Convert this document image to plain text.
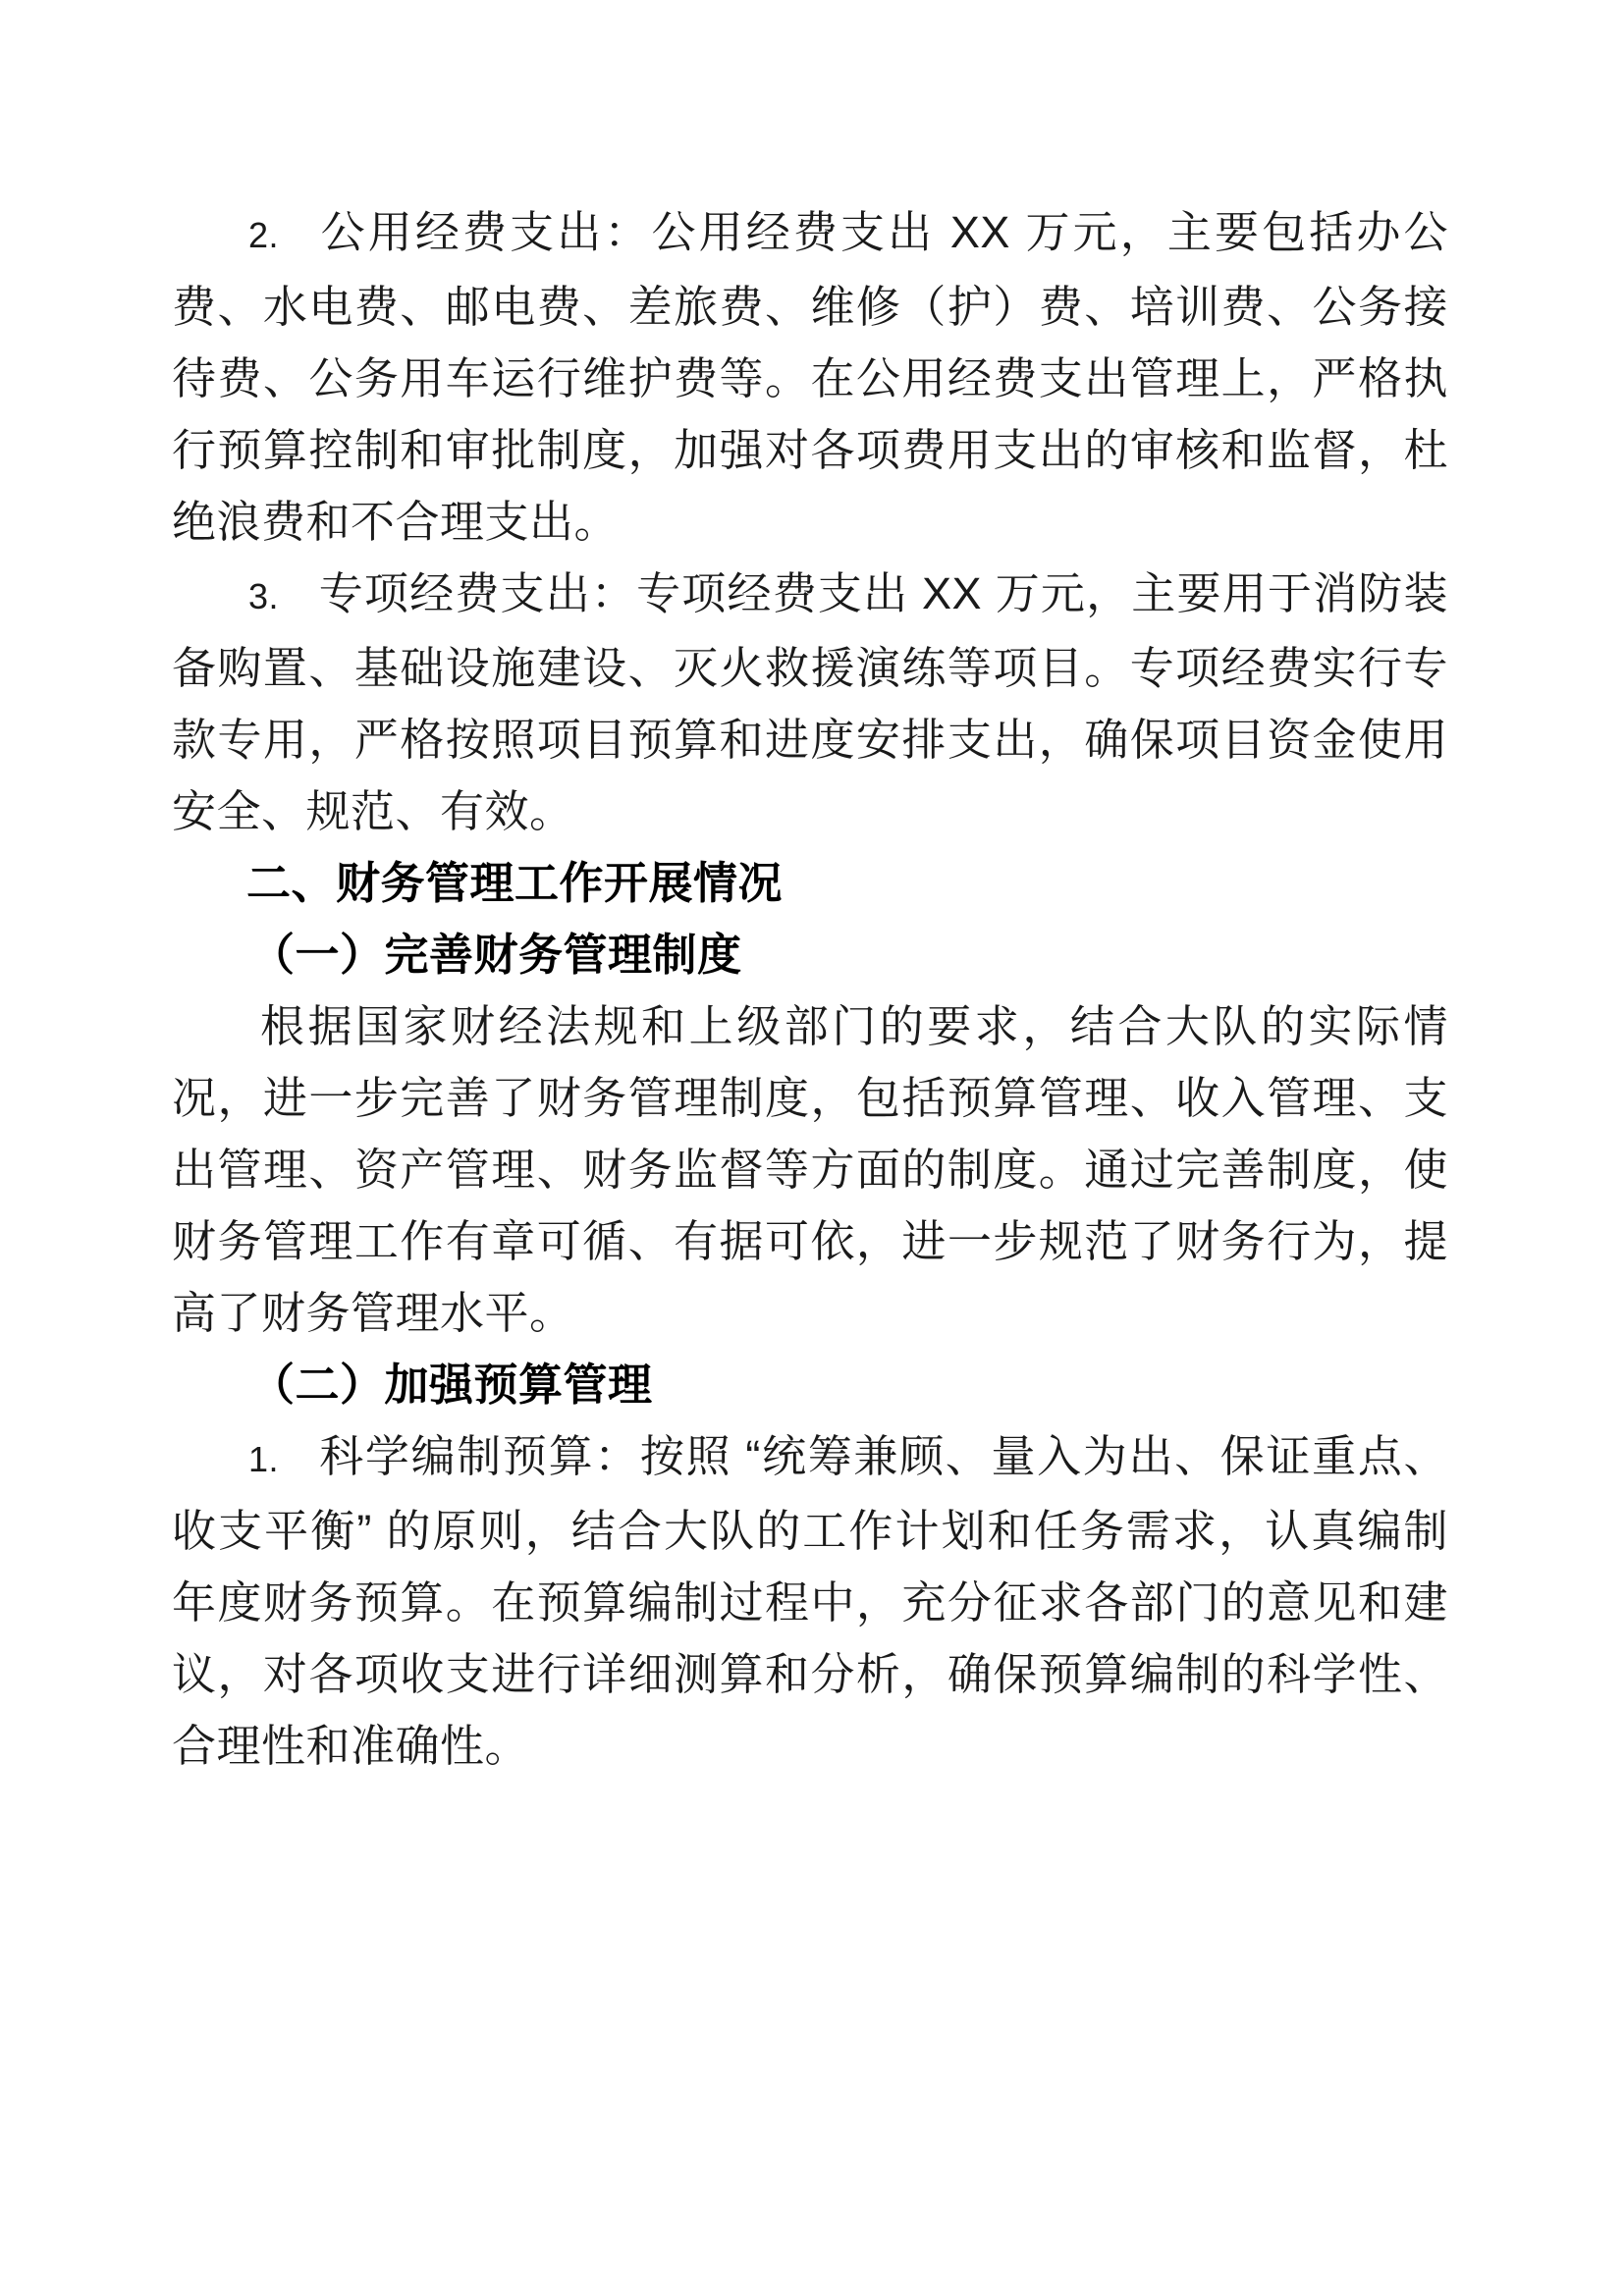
2. 公用经费支出：公用经费支出 XX 万元，主要包括办公费、水电费、邮电费、差旅费、维修（护）费、培训费、公务接待费、公务用车运行维护费等。在公用经费支出管理上，严格执行预算控制和审批制度，加强对各项费用支出的审核和监督，杜绝浪费和不合理支出。

3. 专项经费支出：专项经费支出 XX 万元，主要用于消防装备购置、基础设施建设、灭火救援演练等项目。专项经费实行专款专用，严格按照项目预算和进度安排支出，确保项目资金使用安全、规范、有效。

二、财务管理工作开展情况
（一）完善财务管理制度

根据国家财经法规和上级部门的要求，结合大队的实际情况，进一步完善了财务管理制度，包括预算管理、收入管理、支出管理、资产管理、财务监督等方面的制度。通过完善制度，使财务管理工作有章可循、有据可依，进一步规范了财务行为，提高了财务管理水平。

（二）加强预算管理

1. 科学编制预算：按照 “统筹兼顾、量入为出、保证重点、收支平衡” 的原则，结合大队的工作计划和任务需求，认真编制年度财务预算。在预算编制过程中，充分征求各部门的意见和建议，对各项收支进行详细测算和分析，确保预算编制的科学性、合理性和准确性。
